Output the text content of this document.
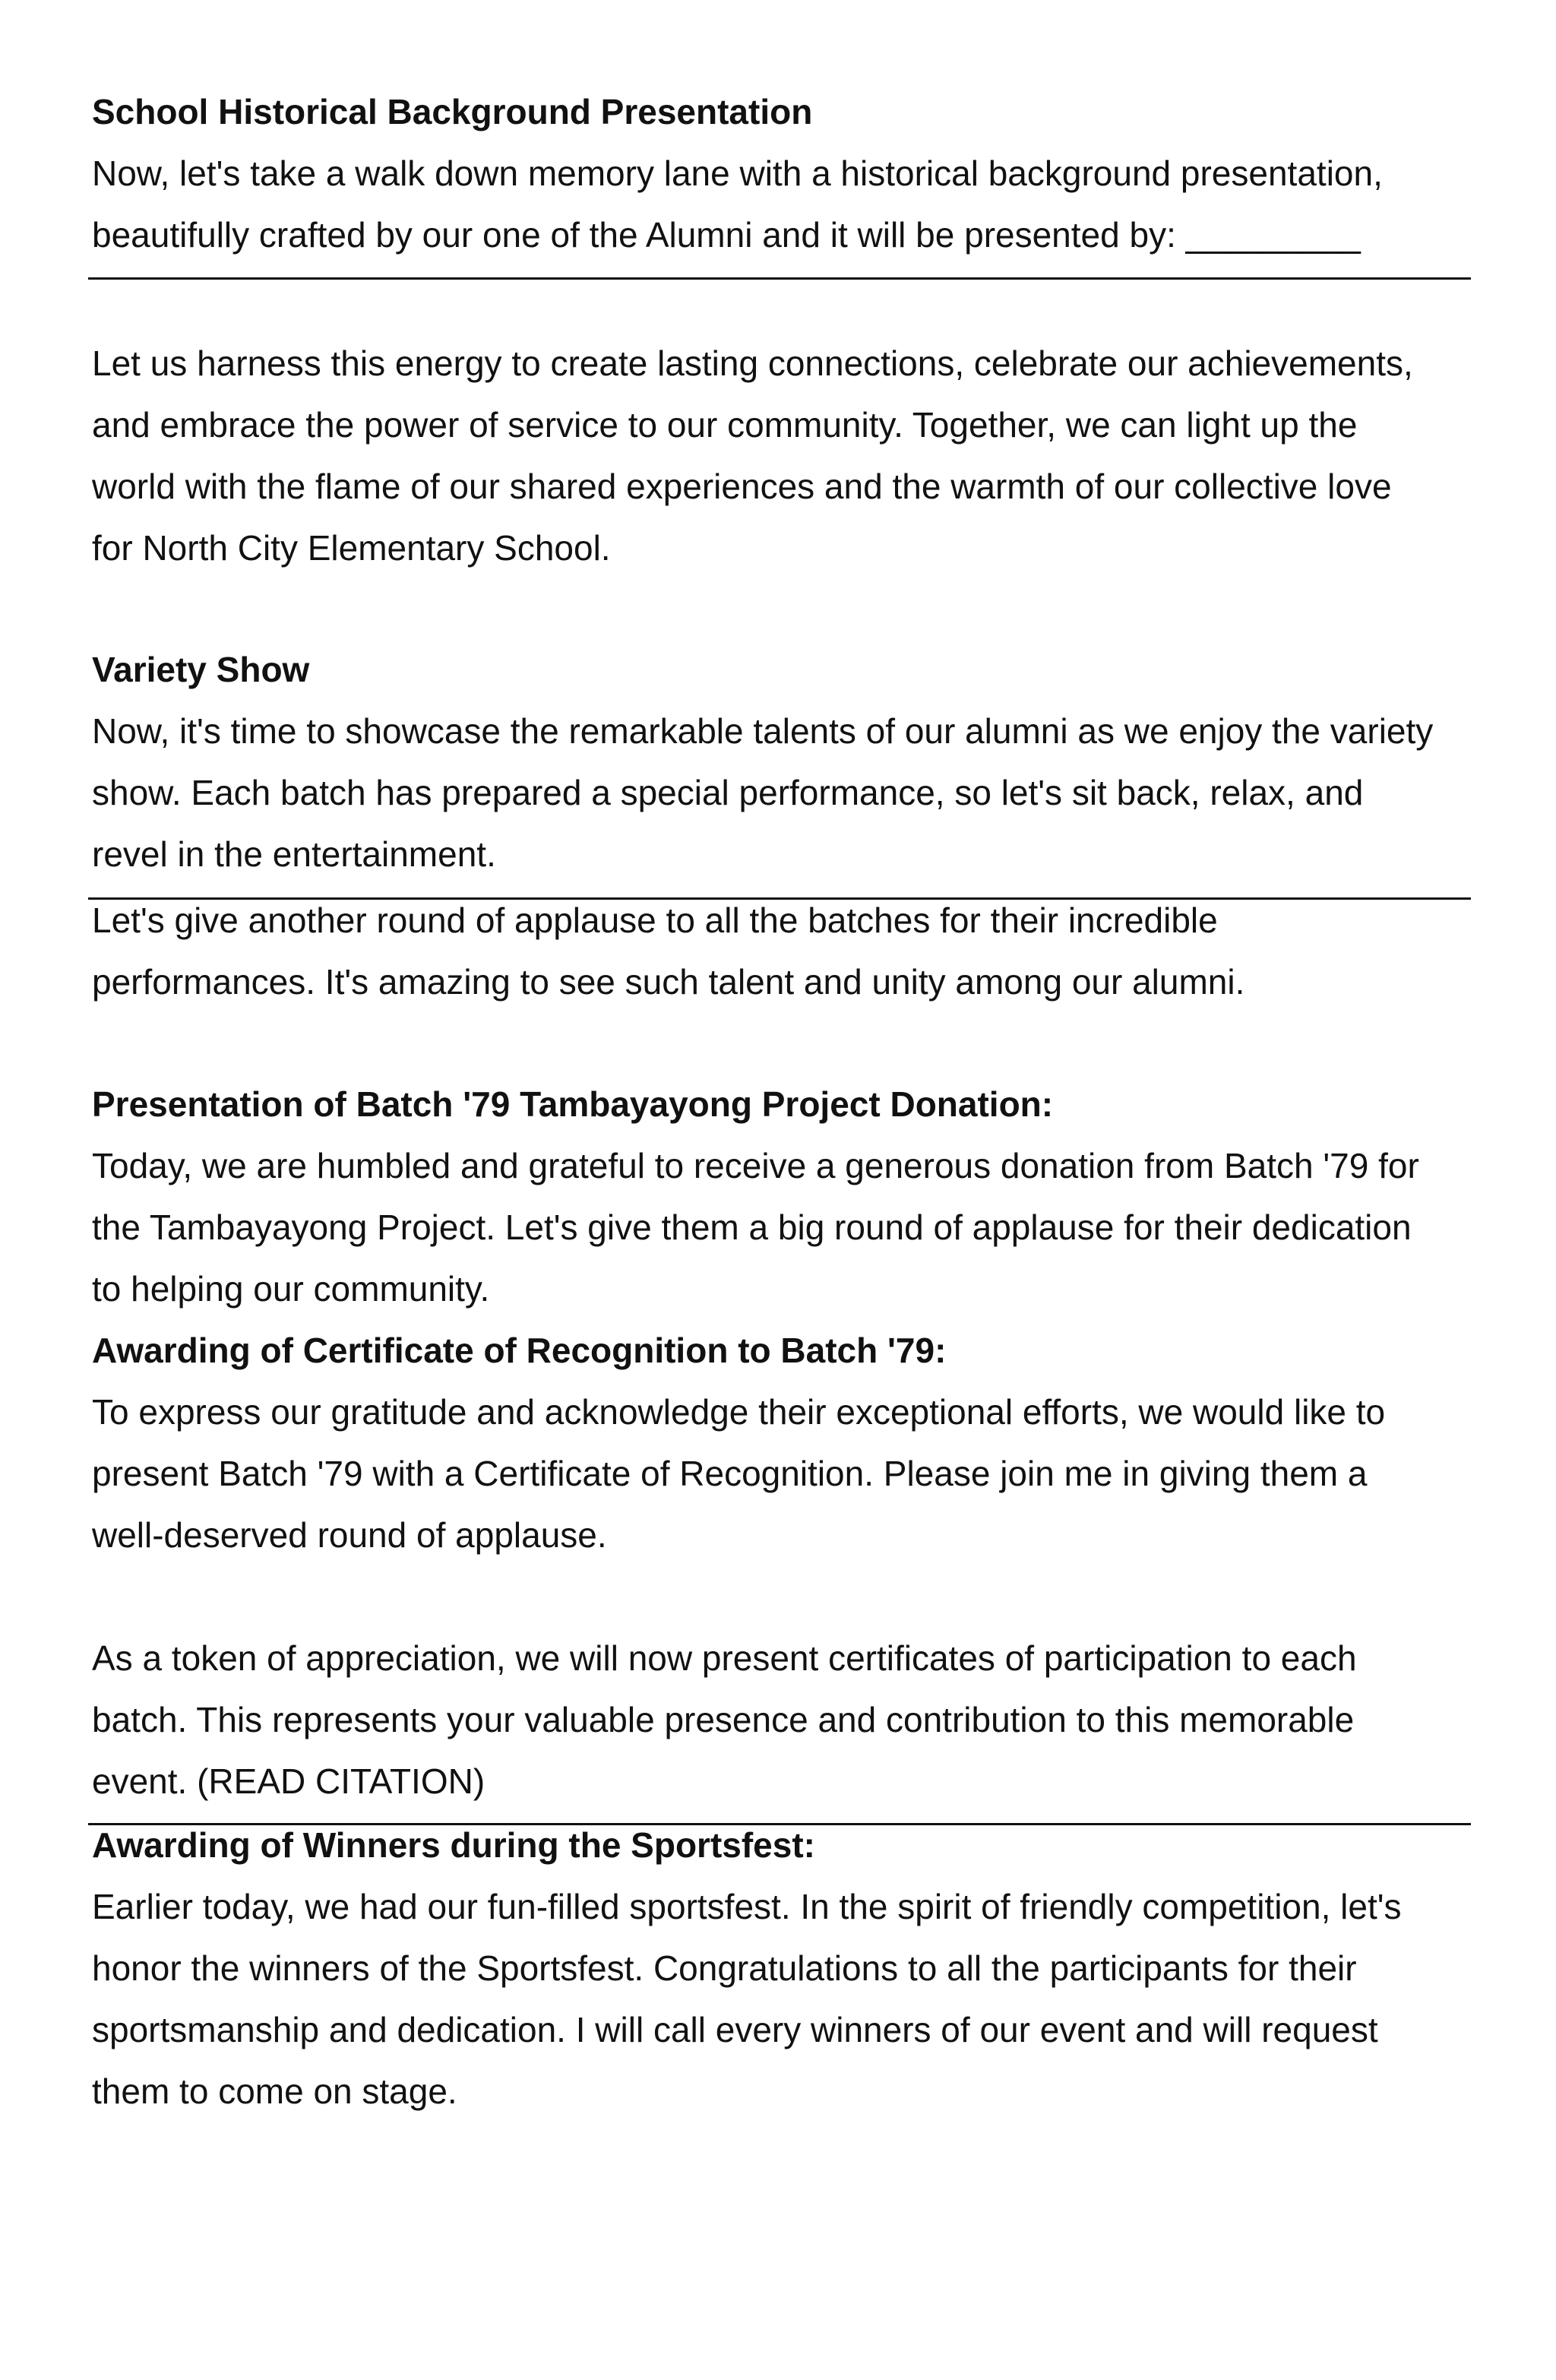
School Historical Background Presentation
Now, let's take a walk down memory lane with a historical background presentation,
beautifully crafted by our one of the Alumni and it will be presented by: _________
Let us harness this energy to create lasting connections, celebrate our achievements,
and embrace the power of service to our community. Together, we can light up the
world with the flame of our shared experiences and the warmth of our collective love
for North City Elementary School.
Variety Show
Now, it's time to showcase the remarkable talents of our alumni as we enjoy the variety
show. Each batch has prepared a special performance, so let's sit back, relax, and
revel in the entertainment.
Let's give another round of applause to all the batches for their incredible
performances. It's amazing to see such talent and unity among our alumni.
Presentation of Batch '79 Tambayayong Project Donation:
Today, we are humbled and grateful to receive a generous donation from Batch '79 for
the Tambayayong Project. Let's give them a big round of applause for their dedication
to helping our community.
Awarding of Certificate of Recognition to Batch '79:
To express our gratitude and acknowledge their exceptional efforts, we would like to
present Batch '79 with a Certificate of Recognition. Please join me in giving them a
well-deserved round of applause.
As a token of appreciation, we will now present certificates of participation to each
batch. This represents your valuable presence and contribution to this memorable
event. (READ CITATION)
Awarding of Winners during the Sportsfest:
Earlier today, we had our fun-filled sportsfest. In the spirit of friendly competition, let's
honor the winners of the Sportsfest. Congratulations to all the participants for their
sportsmanship and dedication. I will call every winners of our event and will request
them to come on stage.
